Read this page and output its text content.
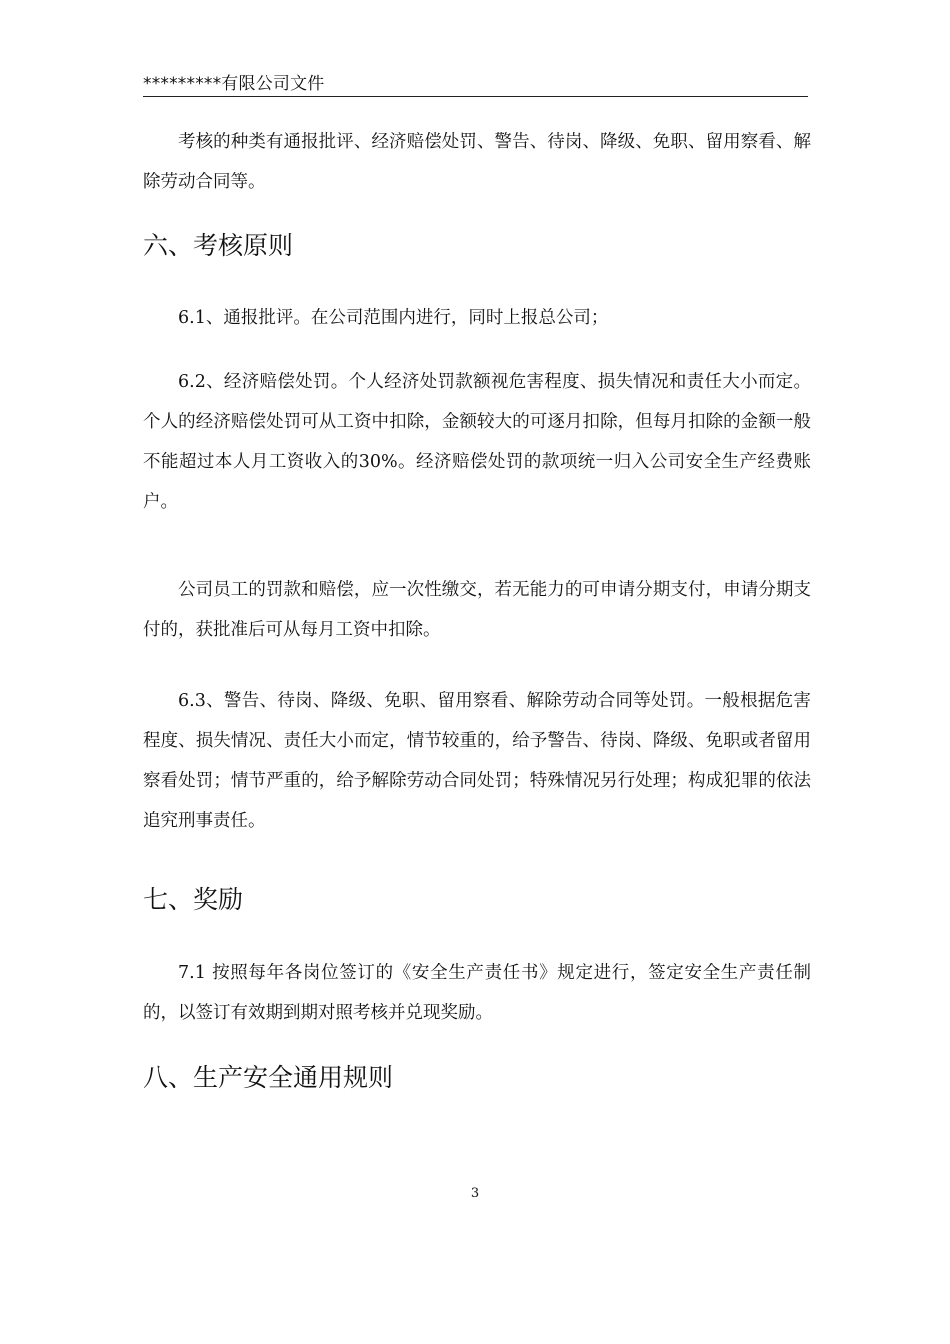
*********有限公司文件

考核的种类有通报批评、经济赔偿处罚、警告、待岗、降级、免职、留用察看、解除劳动合同等。

六、考核原则

6.1、通报批评。在公司范围内进行，同时上报总公司；

6.2、经济赔偿处罚。个人经济处罚款额视危害程度、损失情况和责任大小而定。个人的经济赔偿处罚可从工资中扣除，金额较大的可逐月扣除，但每月扣除的金额一般不能超过本人月工资收入的30%。经济赔偿处罚的款项统一归入公司安全生产经费账户。

公司员工的罚款和赔偿，应一次性缴交，若无能力的可申请分期支付，申请分期支付的，获批准后可从每月工资中扣除。

6.3、警告、待岗、降级、免职、留用察看、解除劳动合同等处罚。一般根据危害程度、损失情况、责任大小而定，情节较重的，给予警告、待岗、降级、免职或者留用察看处罚；情节严重的，给予解除劳动合同处罚；特殊情况另行处理；构成犯罪的依法追究刑事责任。

七、奖励

7.1 按照每年各岗位签订的《安全生产责任书》规定进行，签定安全生产责任制的，以签订有效期到期对照考核并兑现奖励。

八、生产安全通用规则
3
